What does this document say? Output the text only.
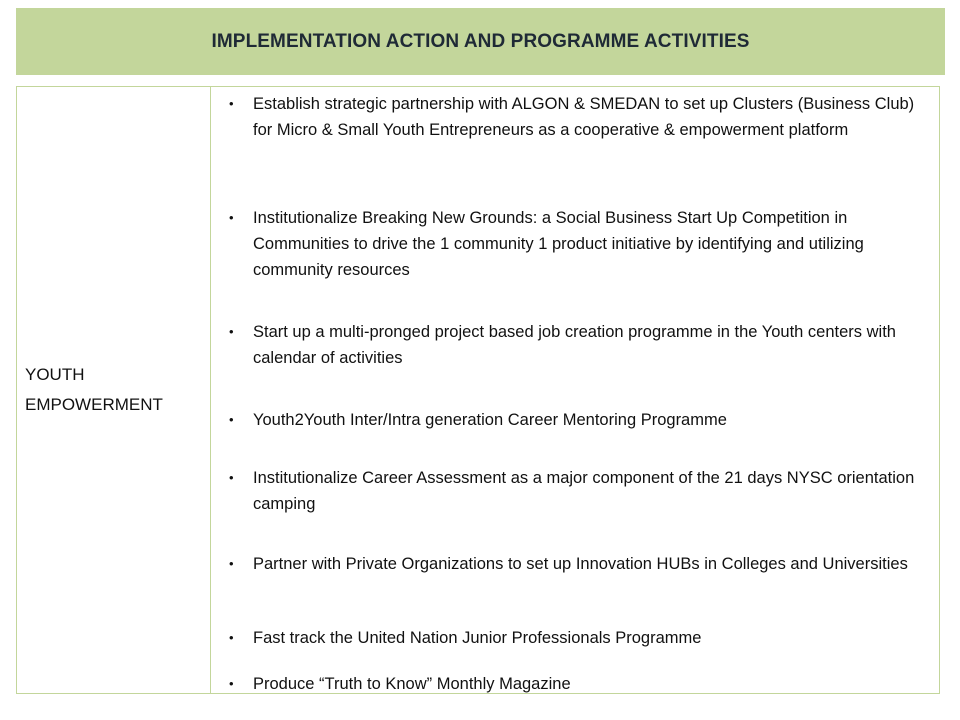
IMPLEMENTATION ACTION AND PROGRAMME ACTIVITIES
YOUTH
EMPOWERMENT
•	Establish strategic partnership with ALGON & SMEDAN to set up Clusters (Business Club) for Micro & Small Youth Entrepreneurs as a cooperative & empowerment platform
•	Institutionalize Breaking New Grounds: a Social Business Start Up Competition in Communities to drive the 1 community 1 product initiative by identifying and utilizing community resources
•	Start up a multi-pronged project based job creation programme in the Youth centers with calendar of activities
•	Youth2Youth Inter/Intra generation Career Mentoring Programme
•	Institutionalize Career Assessment as a major component of the 21 days NYSC orientation camping
•	Partner with Private Organizations to set up Innovation HUBs in Colleges and Universities
•	Fast track the United Nation Junior Professionals Programme
•	Produce “Truth to Know” Monthly Magazine
